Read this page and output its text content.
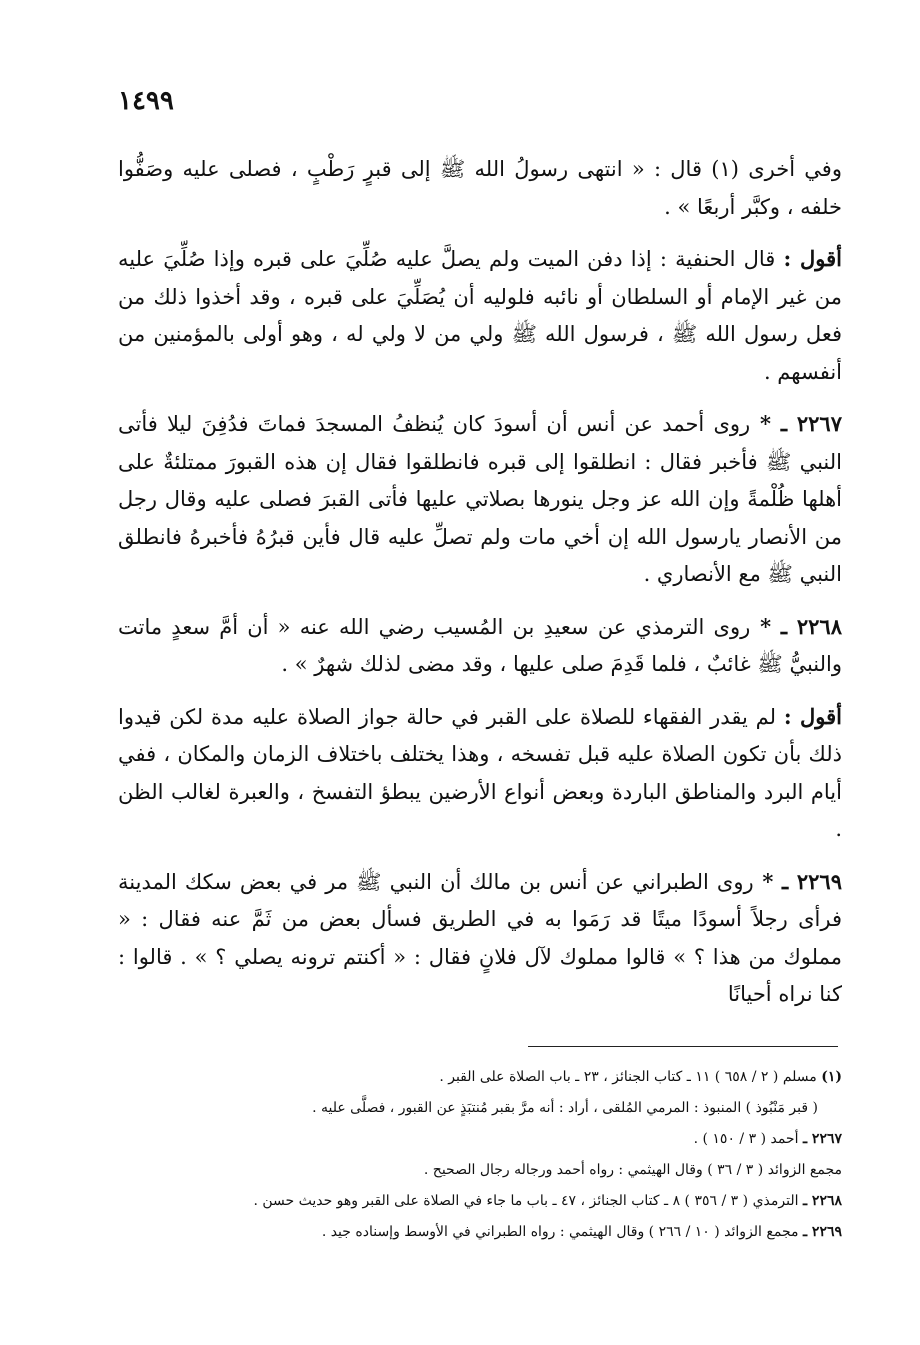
١٤٩٩

وفي أخرى (١) قال : « انتهى رسولُ الله ﷺ إلى قبرٍ رَطْبٍ ، فصلى عليه وصَفُّوا خلفه ، وكبَّر أربعًا » .

أقول : قال الحنفية : إذا دفن الميت ولم يصلَّ عليه صُلِّيَ على قبره وإذا صُلِّيَ عليه من غير الإمام أو السلطان أو نائبه فلوليه أن يُصَلِّيَ على قبره ، وقد أخذوا ذلك من فعل رسول الله ﷺ ، فرسول الله ﷺ ولي من لا ولي له ، وهو أولى بالمؤمنين من أنفسهم .

٢٢٦٧ ـ * روى أحمد عن أنس أن أسودَ كان يُنظفُ المسجدَ فماتَ فدُفِنَ ليلا فأتى النبي ﷺ فأخبر فقال : انطلقوا إلى قبره فانطلقوا فقال إن هذه القبورَ ممتلئةٌ على أهلها ظُلْمةً وإن الله عز وجل ينورها بصلاتي عليها فأتى القبرَ فصلى عليه وقال رجل من الأنصار يارسول الله إن أخي مات ولم تصلِّ عليه قال فأين قبرُهُ فأخبرهُ فانطلق النبي ﷺ مع الأنصاري .

٢٢٦٨ ـ * روى الترمذي عن سعيدِ بن المُسيب رضي الله عنه « أن أمَّ سعدٍ ماتت والنبيُّ ﷺ غائبٌ ، فلما قَدِمَ صلى عليها ، وقد مضى لذلك شهرٌ » .

أقول : لم يقدر الفقهاء للصلاة على القبر في حالة جواز الصلاة عليه مدة لكن قيدوا ذلك بأن تكون الصلاة عليه قبل تفسخه ، وهذا يختلف باختلاف الزمان والمكان ، ففي أيام البرد والمناطق الباردة وبعض أنواع الأرضين يبطؤ التفسخ ، والعبرة لغالب الظن .

٢٢٦٩ ـ * روى الطبراني عن أنس بن مالك أن النبي ﷺ مر في بعض سكك المدينة فرأى رجلاً أسودًا ميتًا قد رَمَوا به في الطريق فسأل بعض من ثَمَّ عنه فقال : « مملوك من هذا ؟ » قالوا مملوك لآل فلانٍ فقال : « أكنتم ترونه يصلي ؟ » . قالوا : كنا نراه أحيانًا

(١) مسلم ( ٢ / ٦٥٨ ) ١١ ـ كتاب الجنائز ، ٢٣ ـ باب الصلاة على القبر .

( قبر مَنْبُوذ ) المنبوذ : المرمي المُلقى ، أراد : أنه مرَّ بقبر مُنتبَذٍ عن القبور ، فصلَّى عليه .

٢٢٦٧ ـ أحمد ( ٣ / ١٥٠ ) .

مجمع الزوائد ( ٣ / ٣٦ ) وقال الهيثمي : رواه أحمد ورجاله رجال الصحيح .

٢٢٦٨ ـ الترمذي ( ٣ / ٣٥٦ ) ٨ ـ كتاب الجنائز ، ٤٧ ـ باب ما جاء في الصلاة على القبر وهو حديث حسن .

٢٢٦٩ ـ مجمع الزوائد ( ١٠ / ٢٦٦ ) وقال الهيثمي : رواه الطبراني في الأوسط وإسناده جيد .
